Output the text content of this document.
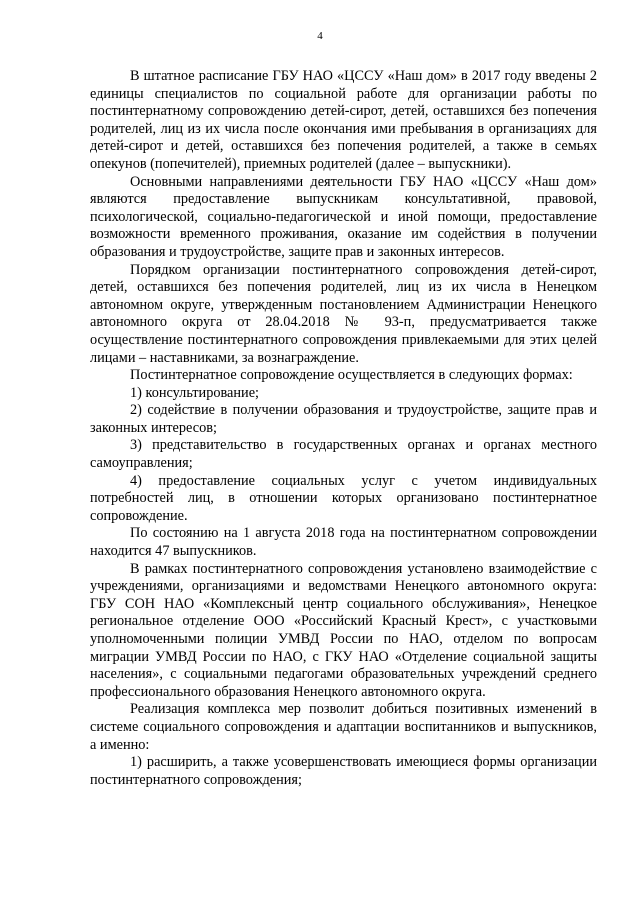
4

В штатное расписание ГБУ НАО «ЦССУ «Наш дом» в 2017 году введены 2 единицы специалистов по социальной работе для организации работы по постинтернатному сопровождению детей-сирот, детей, оставшихся без попечения родителей, лиц из их числа после окончания ими пребывания в организациях для детей-сирот и детей, оставшихся без попечения родителей, а также в семьях опекунов (попечителей), приемных родителей (далее – выпускники).

Основными направлениями деятельности ГБУ НАО «ЦССУ «Наш дом» являются предоставление выпускникам консультативной, правовой, психологической, социально-педагогической и иной помощи, предоставление возможности временного проживания, оказание им содействия в получении образования и трудоустройстве, защите прав и законных интересов.

Порядком организации постинтернатного сопровождения детей-сирот, детей, оставшихся без попечения родителей, лиц из их числа в Ненецком автономном округе, утвержденным постановлением Администрации Ненецкого автономного округа от 28.04.2018 № 93-п, предусматривается также осуществление постинтернатного сопровождения привлекаемыми для этих целей лицами – наставниками, за вознаграждение.

Постинтернатное сопровождение осуществляется в следующих формах:

1) консультирование;

2) содействие в получении образования и трудоустройстве, защите прав и законных интересов;

3) представительство в государственных органах и органах местного самоуправления;

4) предоставление социальных услуг с учетом индивидуальных потребностей лиц, в отношении которых организовано постинтернатное сопровождение.

По состоянию на 1 августа 2018 года на постинтернатном сопровождении находится 47 выпускников.

В рамках постинтернатного сопровождения установлено взаимодействие с учреждениями, организациями и ведомствами Ненецкого автономного округа: ГБУ СОН НАО «Комплексный центр социального обслуживания», Ненецкое региональное отделение ООО «Российский Красный Крест», с участковыми уполномоченными полиции УМВД России по НАО, отделом по вопросам миграции УМВД России по НАО, с ГКУ НАО «Отделение социальной защиты населения», с социальными педагогами образовательных учреждений среднего профессионального образования Ненецкого автономного округа.

Реализация комплекса мер позволит добиться позитивных изменений в системе социального сопровождения и адаптации воспитанников и выпускников, а именно:

1) расширить, а также усовершенствовать имеющиеся формы организации постинтернатного сопровождения;
